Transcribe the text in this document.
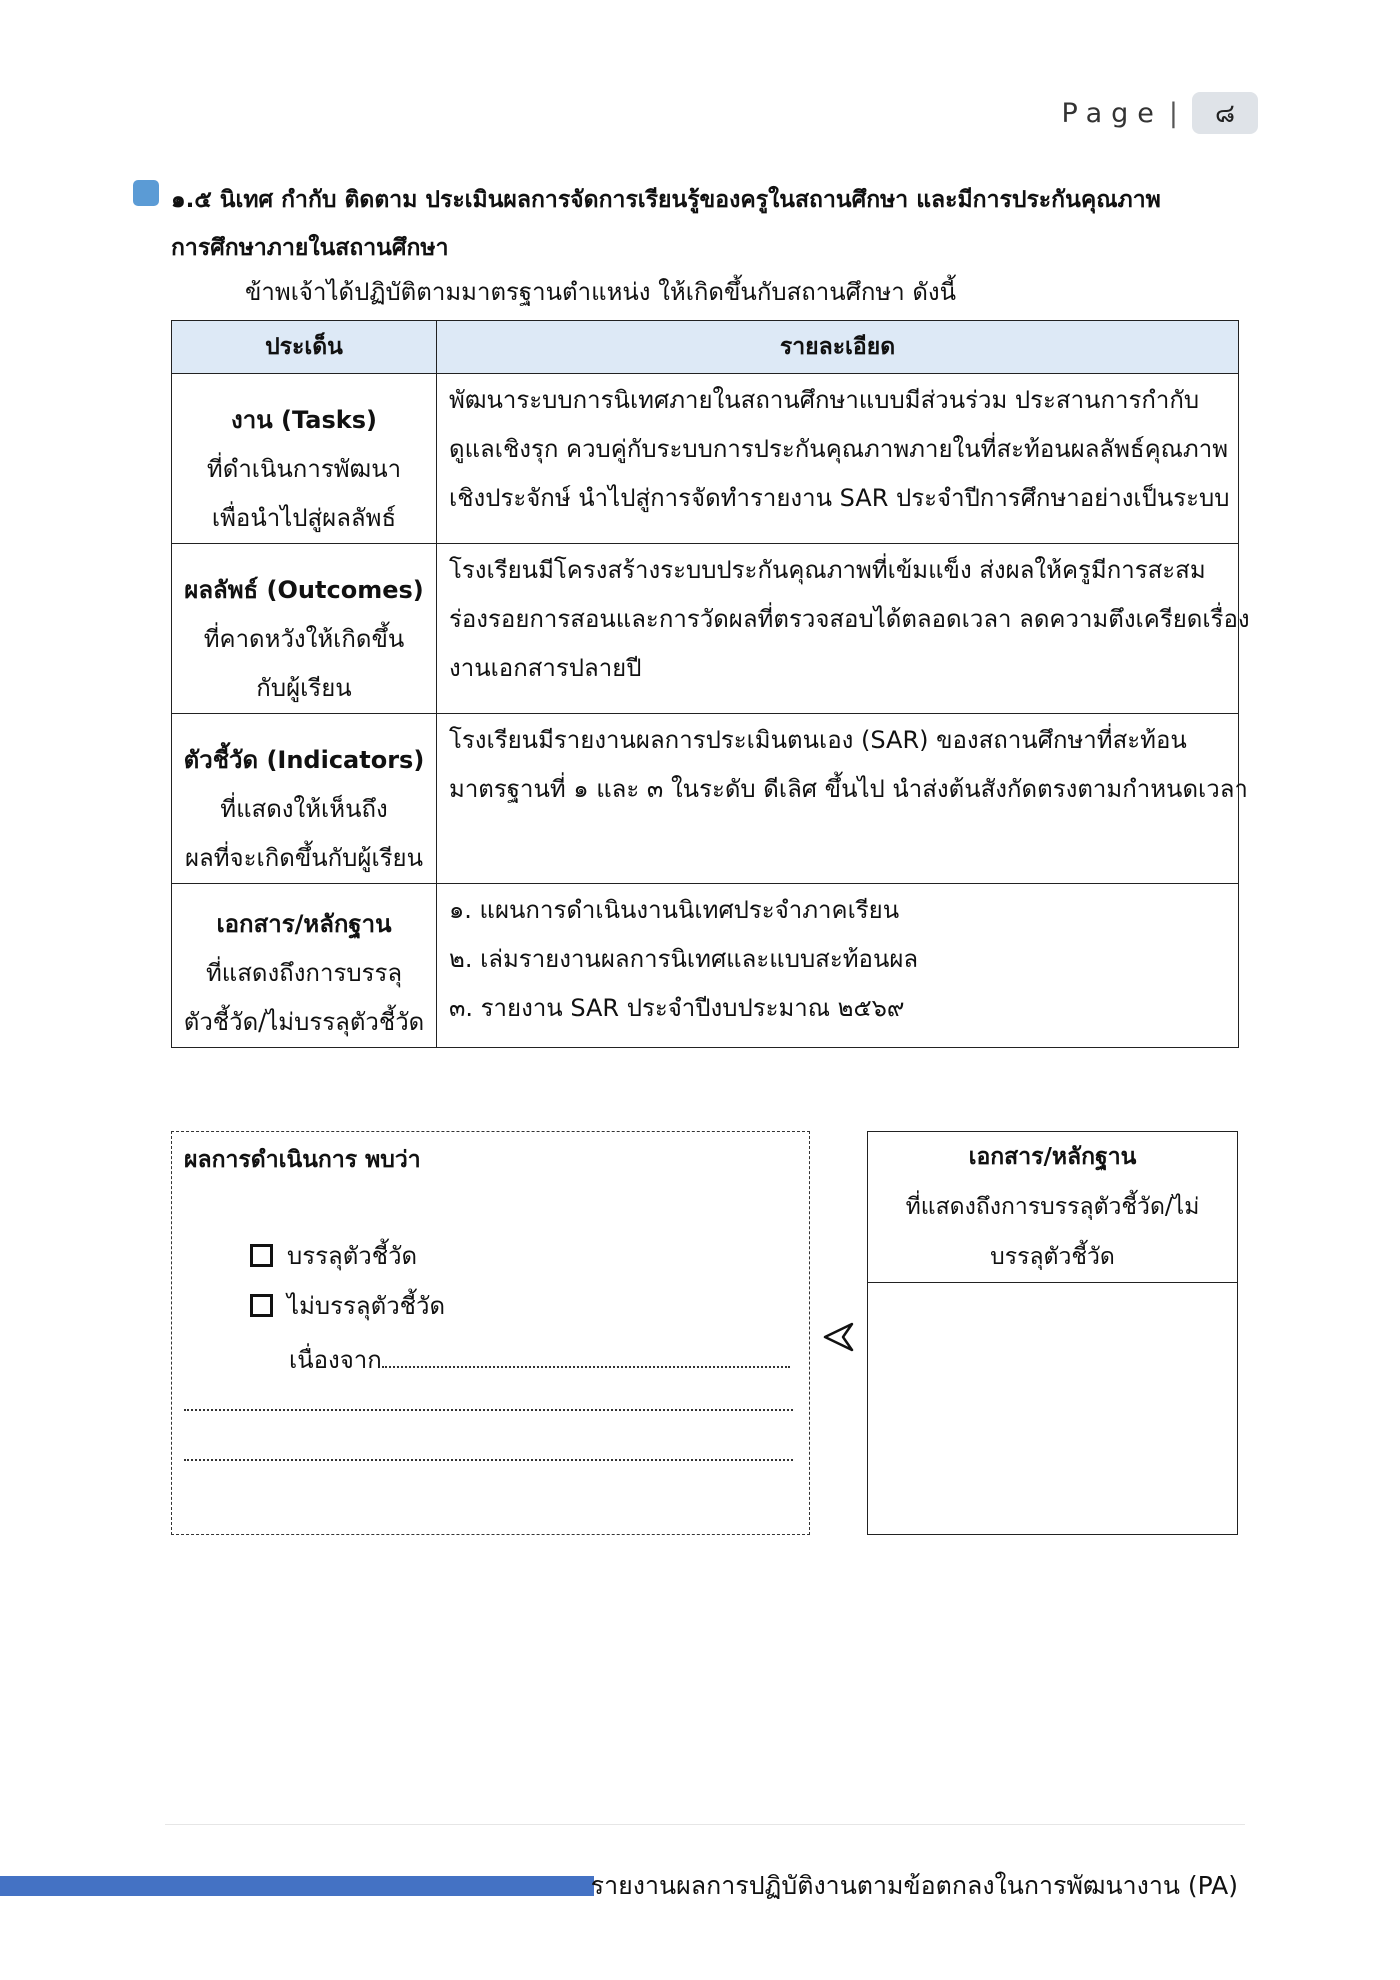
Page |	๘
๑.๕ นิเทศ กำกับ ติดตาม ประเมินผลการจัดการเรียนรู้ของครูในสถานศึกษา และมีการประกันคุณภาพ
การศึกษาภายในสถานศึกษา
ข้าพเจ้าได้ปฏิบัติตามมาตรฐานตำแหน่ง ให้เกิดขึ้นกับสถานศึกษา ดังนี้
ประเด็น	รายละเอียด

งาน (Tasks)
ที่ดำเนินการพัฒนา
เพื่อนำไปสู่ผลลัพธ์	พัฒนาระบบการนิเทศภายในสถานศึกษาแบบมีส่วนร่วม ประสานการกำกับ
ดูแลเชิงรุก ควบคู่กับระบบการประกันคุณภาพภายในที่สะท้อนผลลัพธ์คุณภาพ
เชิงประจักษ์ นำไปสู่การจัดทำรายงาน SAR ประจำปีการศึกษาอย่างเป็นระบบ

ผลลัพธ์ (Outcomes)
ที่คาดหวังให้เกิดขึ้น
กับผู้เรียน	โรงเรียนมีโครงสร้างระบบประกันคุณภาพที่เข้มแข็ง ส่งผลให้ครูมีการสะสม
ร่องรอยการสอนและการวัดผลที่ตรวจสอบได้ตลอดเวลา ลดความตึงเครียดเรื่อง
งานเอกสารปลายปี

ตัวชี้วัด (Indicators)
ที่แสดงให้เห็นถึง
ผลที่จะเกิดขึ้นกับผู้เรียน	โรงเรียนมีรายงานผลการประเมินตนเอง (SAR) ของสถานศึกษาที่สะท้อน
มาตรฐานที่ ๑ และ ๓ ในระดับ ดีเลิศ ขึ้นไป นำส่งต้นสังกัดตรงตามกำหนดเวลา

เอกสาร/หลักฐาน
ที่แสดงถึงการบรรลุ
ตัวชี้วัด/ไม่บรรลุตัวชี้วัด	๑. แผนการดำเนินงานนิเทศประจำภาคเรียน
๒. เล่มรายงานผลการนิเทศและแบบสะท้อนผล
๓. รายงาน SAR ประจำปีงบประมาณ ๒๕๖๙
ผลการดำเนินการ พบว่า
บรรลุตัวชี้วัด
ไม่บรรลุตัวชี้วัด
เนื่องจาก
เอกสาร/หลักฐาน
ที่แสดงถึงการบรรลุตัวชี้วัด/ไม่
บรรลุตัวชี้วัด
รายงานผลการปฏิบัติงานตามข้อตกลงในการพัฒนางาน (PA)
